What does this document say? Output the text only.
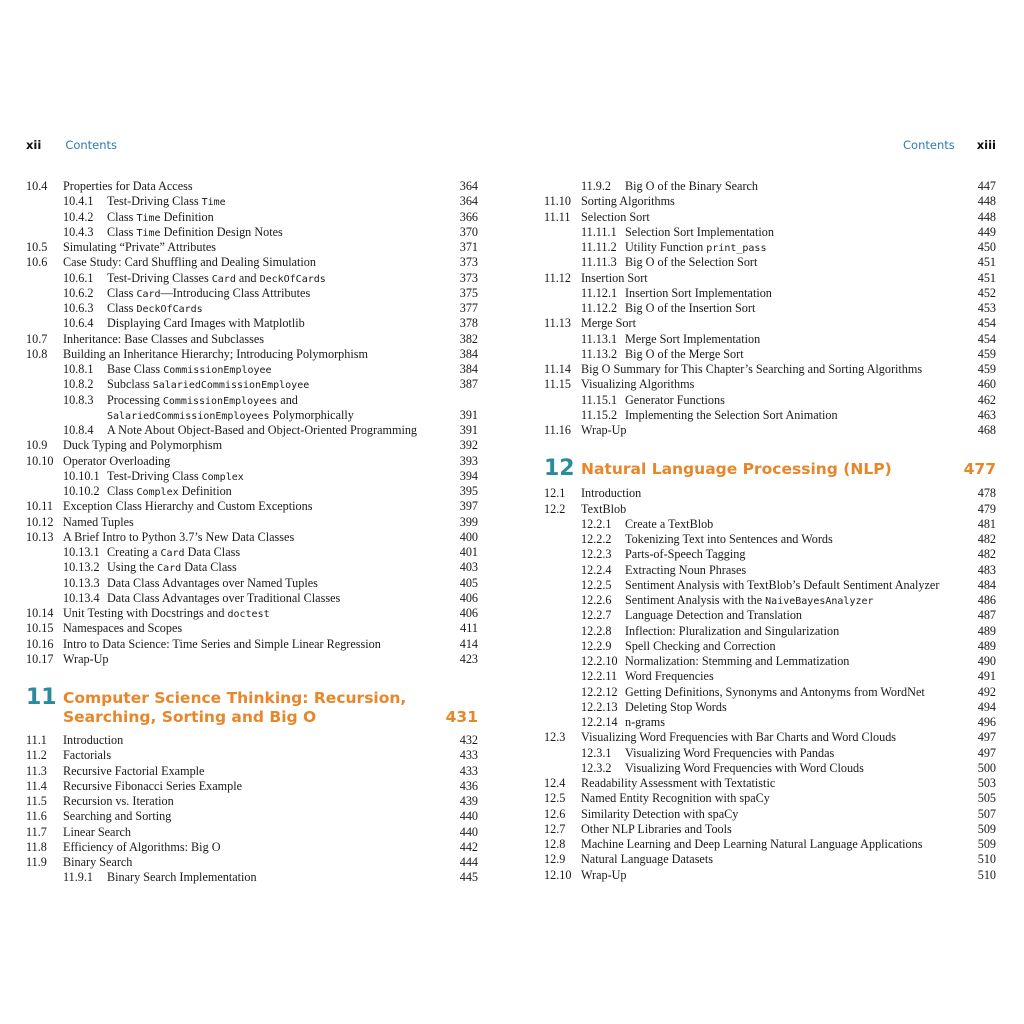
xii Contents
10.4 Properties for Data Access	364
10.4.1 Test-Driving Class Time	364
10.4.2 Class Time Definition	366
10.4.3 Class Time Definition Design Notes	370
10.5 Simulating “Private” Attributes	371
10.6 Case Study: Card Shuffling and Dealing Simulation	373
10.6.1 Test-Driving Classes Card and DeckOfCards	373
10.6.2 Class Card—Introducing Class Attributes	375
10.6.3 Class DeckOfCards	377
10.6.4 Displaying Card Images with Matplotlib	378
10.7 Inheritance: Base Classes and Subclasses	382
10.8 Building an Inheritance Hierarchy; Introducing Polymorphism	384
10.8.1 Base Class CommissionEmployee	384
10.8.2 Subclass SalariedCommissionEmployee	387
10.8.3 Processing CommissionEmployees and
SalariedCommissionEmployees Polymorphically	391
10.8.4 A Note About Object-Based and Object-Oriented Programming	391
10.9 Duck Typing and Polymorphism	392
10.10 Operator Overloading	393
10.10.1 Test-Driving Class Complex	394
10.10.2 Class Complex Definition	395
10.11 Exception Class Hierarchy and Custom Exceptions	397
10.12 Named Tuples	399
10.13 A Brief Intro to Python 3.7’s New Data Classes	400
10.13.1 Creating a Card Data Class	401
10.13.2 Using the Card Data Class	403
10.13.3 Data Class Advantages over Named Tuples	405
10.13.4 Data Class Advantages over Traditional Classes	406
10.14 Unit Testing with Docstrings and doctest	406
10.15 Namespaces and Scopes	411
10.16 Intro to Data Science: Time Series and Simple Linear Regression	414
10.17 Wrap-Up	423
11 Computer Science Thinking: Recursion,
Searching, Sorting and Big O	431
11.1 Introduction	432
11.2 Factorials	433
11.3 Recursive Factorial Example	433
11.4 Recursive Fibonacci Series Example	436
11.5 Recursion vs. Iteration	439
11.6 Searching and Sorting	440
11.7 Linear Search	440
11.8 Efficiency of Algorithms: Big O	442
11.9 Binary Search	444
11.9.1 Binary Search Implementation	445
Contents xiii
11.9.2 Big O of the Binary Search	447
11.10 Sorting Algorithms	448
11.11 Selection Sort	448
11.11.1 Selection Sort Implementation	449
11.11.2 Utility Function print_pass	450
11.11.3 Big O of the Selection Sort	451
11.12 Insertion Sort	451
11.12.1 Insertion Sort Implementation	452
11.12.2 Big O of the Insertion Sort	453
11.13 Merge Sort	454
11.13.1 Merge Sort Implementation	454
11.13.2 Big O of the Merge Sort	459
11.14 Big O Summary for This Chapter’s Searching and Sorting Algorithms	459
11.15 Visualizing Algorithms	460
11.15.1 Generator Functions	462
11.15.2 Implementing the Selection Sort Animation	463
11.16 Wrap-Up	468
12 Natural Language Processing (NLP)	477
12.1 Introduction	478
12.2 TextBlob	479
12.2.1 Create a TextBlob	481
12.2.2 Tokenizing Text into Sentences and Words	482
12.2.3 Parts-of-Speech Tagging	482
12.2.4 Extracting Noun Phrases	483
12.2.5 Sentiment Analysis with TextBlob’s Default Sentiment Analyzer	484
12.2.6 Sentiment Analysis with the NaiveBayesAnalyzer	486
12.2.7 Language Detection and Translation	487
12.2.8 Inflection: Pluralization and Singularization	489
12.2.9 Spell Checking and Correction	489
12.2.10 Normalization: Stemming and Lemmatization	490
12.2.11 Word Frequencies	491
12.2.12 Getting Definitions, Synonyms and Antonyms from WordNet	492
12.2.13 Deleting Stop Words	494
12.2.14 n-grams	496
12.3 Visualizing Word Frequencies with Bar Charts and Word Clouds	497
12.3.1 Visualizing Word Frequencies with Pandas	497
12.3.2 Visualizing Word Frequencies with Word Clouds	500
12.4 Readability Assessment with Textatistic	503
12.5 Named Entity Recognition with spaCy	505
12.6 Similarity Detection with spaCy	507
12.7 Other NLP Libraries and Tools	509
12.8 Machine Learning and Deep Learning Natural Language Applications	509
12.9 Natural Language Datasets	510
12.10 Wrap-Up	510
